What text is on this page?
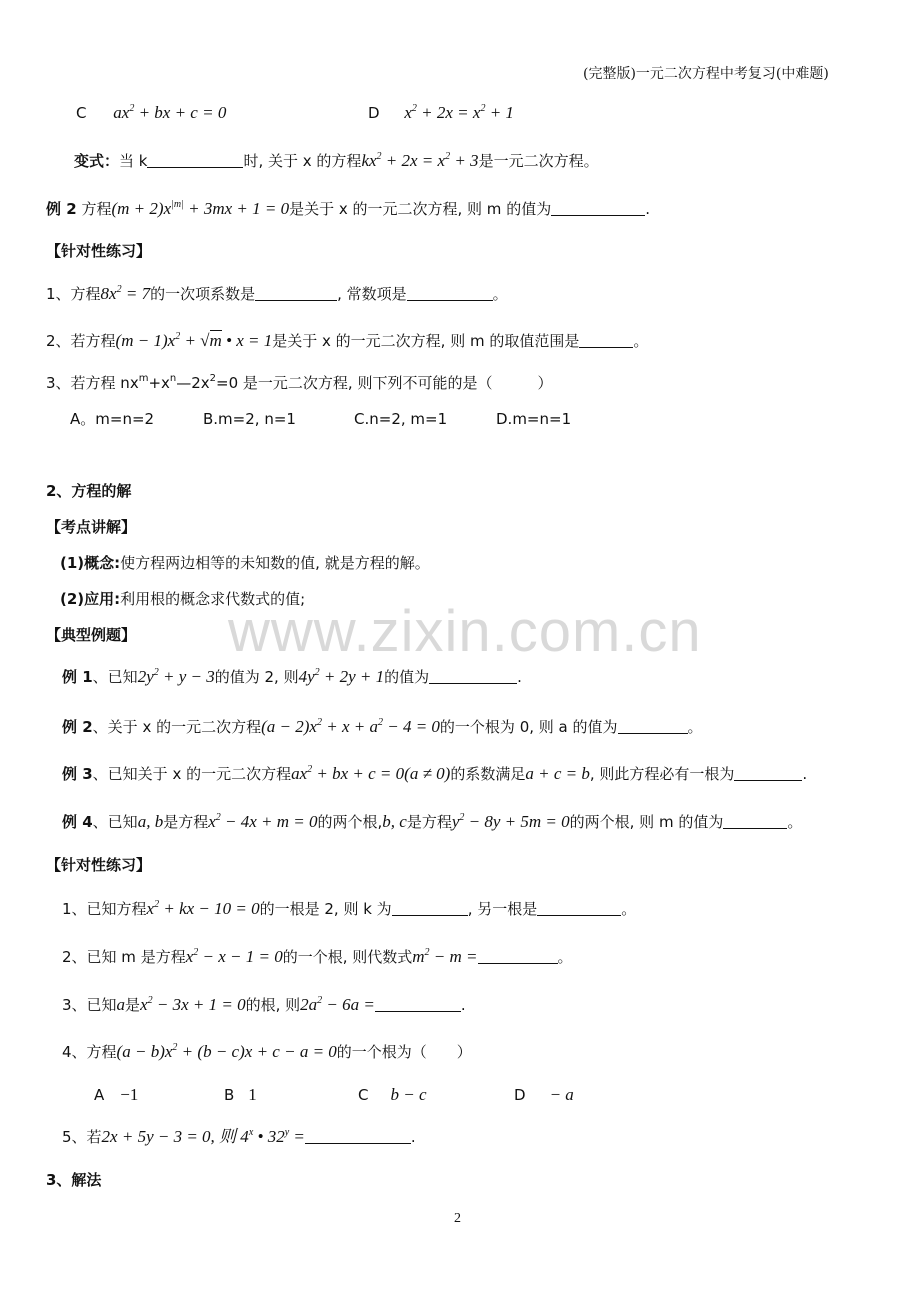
(完整版)一元二次方程中考复习(中难题)
www.zixin.com.cn
C $ax^2$ + bx + c = 0	D $x^2 + 2x = x^2 + 1$
变式：当 k	时, 关于 x 的方程$kx^2 + 2x = x^2 + 3$是一元二次方程。
例 2 方程$(m + 2)x^{|m|} + 3mx + 1 = 0$是关于 x 的一元二次方程, 则 m 的值为	.
【针对性练习】
1、方程$8x^2 = 7$的一次项系数是	, 常数项是	。
2、若方程$(m - 1)x^2 + √m$ • x = 1是关于 x 的一元二次方程, 则 m 的取值范围是	。
3、若方程 $nx^m+x^n—2x^2=0$ 是一元二次方程, 则下列不可能的是（　　　）
A。m=n=2	B.m=2, n=1	C.n=2, m=1	D.m=n=1
2、方程的解
【考点讲解】
(1)概念:使方程两边相等的未知数的值, 就是方程的解。
(2)应用:利用根的概念求代数式的值;
【典型例题】
例 1、已知$2y^2 + y - 3$的值为 2, 则$4y^2 + 2y + 1$的值为	.
例 2、关于 x 的一元二次方程$(a - 2)x^2 + x + a^2 - 4 = 0$的一个根为 0, 则 a 的值为	。
例 3、已知关于 x 的一元二次方程$ax^2$ + bx + c = 0(a ≠ 0)的系数满足a + c = b, 则此方程必有一根为	.
例 4、已知a, b是方程$x^2 - 4x + m = 0$的两个根,b, c是方程$y^2 - 8y + 5m = 0$的两个根, 则 m 的值为	。
【针对性练习】
1、已知方程$x^2$ + kx − 10 = 0的一根是 2, 则 k 为	, 另一根是	。
2、已知 m 是方程$x^2 - x - 1 = 0$的一个根, 则代数式$m^2 - m$ =	。
3、已知a是$x^2 - 3x + 1 = 0$的根, 则$2a^2 - 6a$ =	.
4、方程$(a - b)x^2 + (b - c)x + c - a = 0$的一个根为（　　）
A −1	B 1	C b − c	D − a
5、若2x + 5y − 3 = 0, 则 4$^x$ • $32^y$ =	.
3、解法
2
